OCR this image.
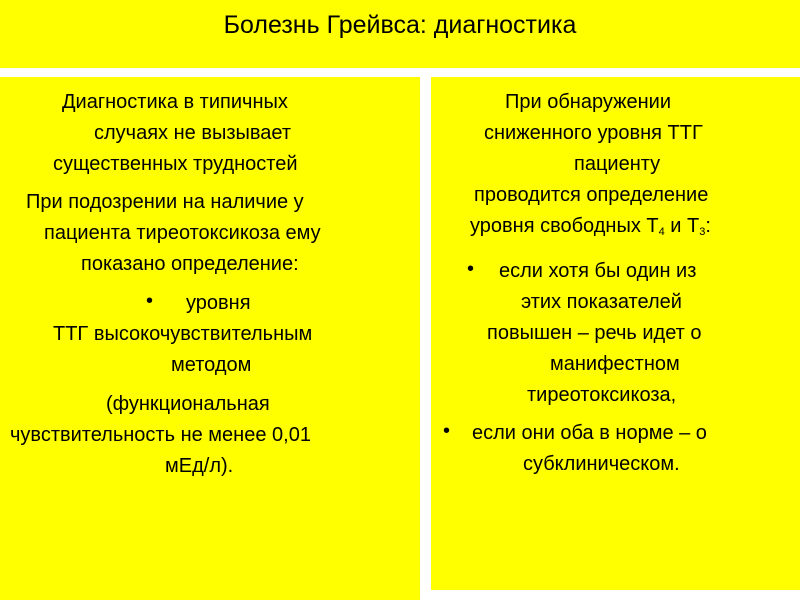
Болезнь Грейвса: диагностика
Диагностика в типичных
случаях не вызывает
существенных трудностей
При подозрении на наличие у
пациента тиреотоксикоза ему
показано определение:
• уровня
ТТГ высокочувствительным
методом
(функциональная
чувствительность не менее 0,01
мЕд/л).
При обнаружении
сниженного уровня ТТГ
пациенту
проводится определение
уровня свободных $Т_4$ и $Т_3$:
• если хотя бы один из
этих показателей
повышен – речь идет о
манифестном
тиреотоксикоза,
• если они оба в норме – о
субклиническом.
